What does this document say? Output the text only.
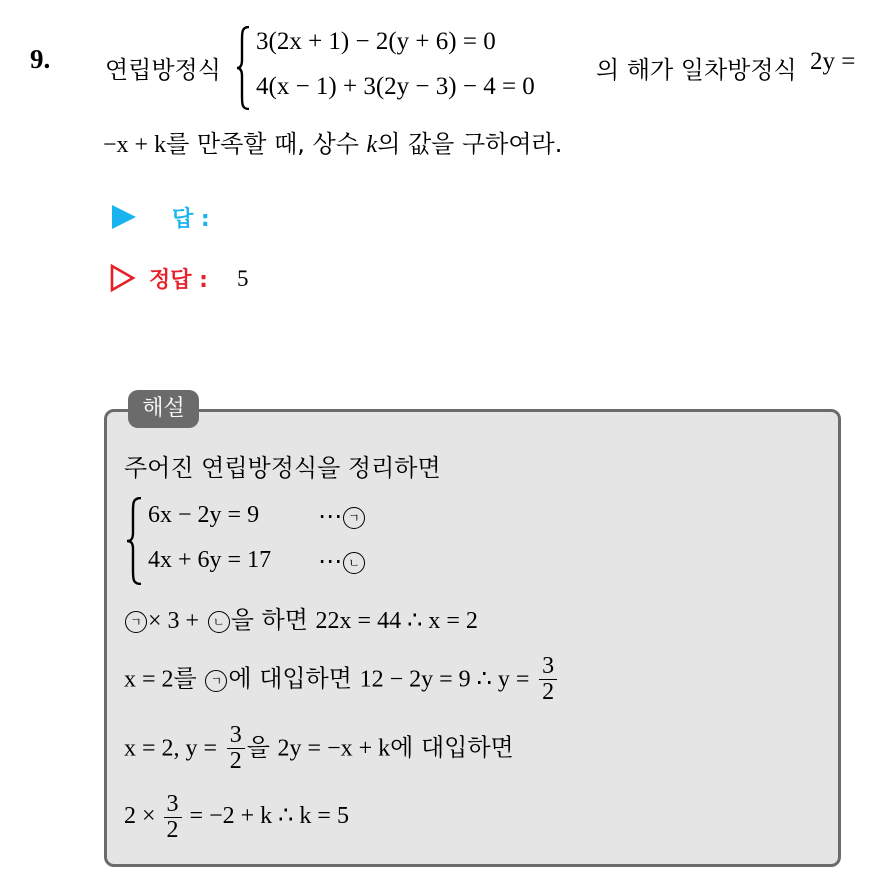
9. 연립방정식
3(2x + 1) − 2(y + 6) = 0
4(x − 1) + 3(2y − 3) − 4 = 0
의 해가 일차방정식 2y =
−x + k를 만족할 때, 상수 k의 값을 구하여라.
답 :
정답 : 5
해설
주어진 연립방정식을 정리하면
6x − 2y = 9
4x + 6y = 17
⋯ ㄱ
⋯ ㄴ
ㄱ × 3 + ㄴ 을 하면 22x = 44 ∴ x = 2
x = 2를 ㄱ 에 대입하면 12 − 2y = 9 ∴ $y = \frac{3}{2}$
x = 2, $y = \frac{3}{2}$ 을 2y = −x + k에 대입하면
$2 \times \frac{3}{2} = -2 + k$ ∴ k = 5
